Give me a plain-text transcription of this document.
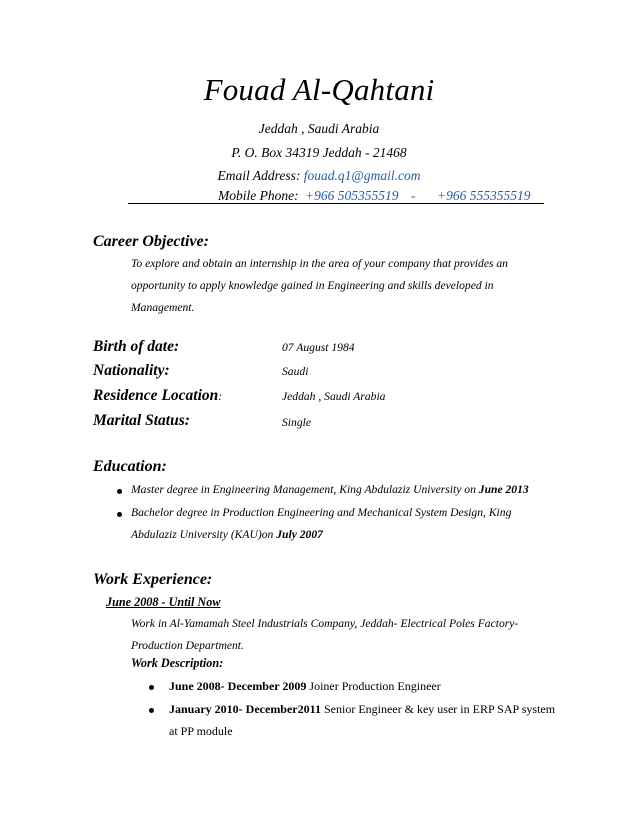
Fouad Al-Qahtani
Jeddah , Saudi Arabia
P. O. Box 34319 Jeddah - 21468
Email Address: fouad.q1@gmail.com
Mobile Phone: +966 505355519 - +966 555355519
Career Objective:
To explore and obtain an internship in the area of your company that provides an
opportunity to apply knowledge gained in Engineering and skills developed in
Management.
Birth of date:	07 August 1984
Nationality:	Saudi
Residence Location:	Jeddah , Saudi Arabia
Marital Status:	Single
Education:
Master degree in Engineering Management, King Abdulaziz University on June 2013
Bachelor degree in Production Engineering and Mechanical System Design, King
Abdulaziz University (KAU)on July 2007
Work Experience:
June 2008 - Until Now
Work in Al-Yamamah Steel Industrials Company, Jeddah- Electrical Poles Factory-
Production Department.
Work Description:
June 2008- December 2009 Joiner Production Engineer
January 2010- December2011 Senior Engineer & key user in ERP SAP system
at PP module
